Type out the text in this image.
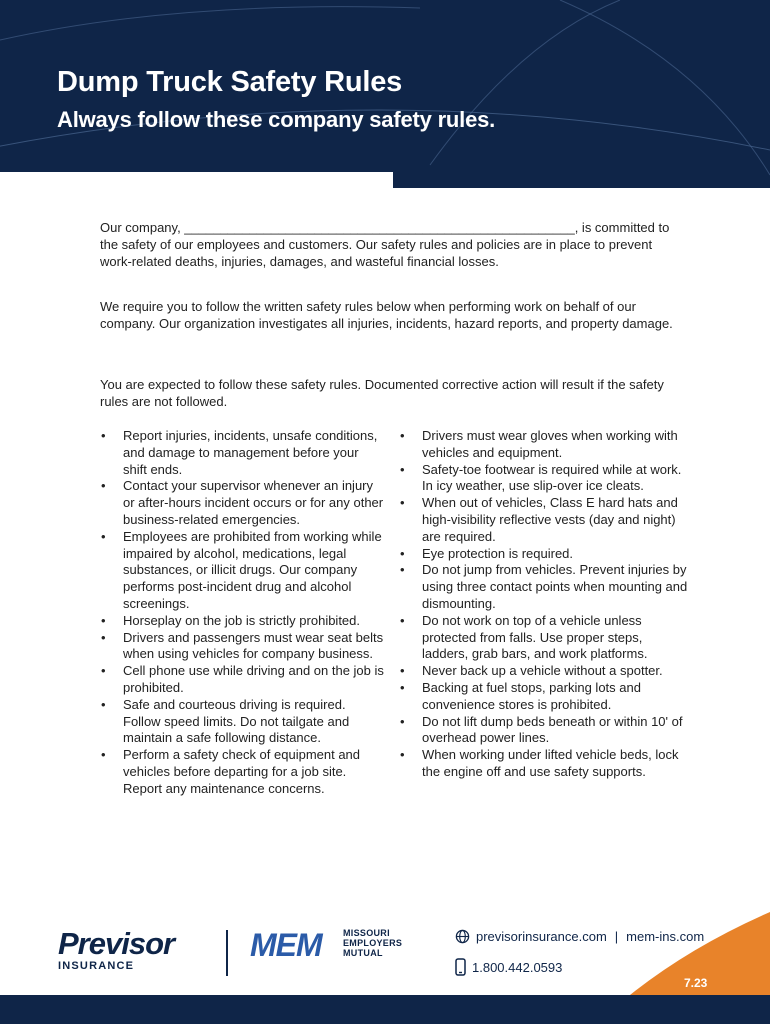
Dump Truck Safety Rules
Always follow these company safety rules.

Our company, ______________________________________________________, is committed to the safety of our employees and customers. Our safety rules and policies are in place to prevent work-related deaths, injuries, damages, and wasteful financial losses.

We require you to follow the written safety rules below when performing work on behalf of our company. Our organization investigates all injuries, incidents, hazard reports, and property damage.

You are expected to follow these safety rules. Documented corrective action will result if the safety rules are not followed.

• Report injuries, incidents, unsafe conditions, and damage to management before your shift ends.
• Contact your supervisor whenever an injury or after-hours incident occurs or for any other business-related emergencies.
• Employees are prohibited from working while impaired by alcohol, medications, legal substances, or illicit drugs. Our company performs post-incident drug and alcohol screenings.
• Horseplay on the job is strictly prohibited.
• Drivers and passengers must wear seat belts when using vehicles for company business.
• Cell phone use while driving and on the job is prohibited.
• Safe and courteous driving is required. Follow speed limits. Do not tailgate and maintain a safe following distance.
• Perform a safety check of equipment and vehicles before departing for a job site. Report any maintenance concerns.
• Drivers must wear gloves when working with vehicles and equipment.
• Safety-toe footwear is required while at work. In icy weather, use slip-over ice cleats.
• When out of vehicles, Class E hard hats and high-visibility reflective vests (day and night) are required.
• Eye protection is required.
• Do not jump from vehicles. Prevent injuries by using three contact points when mounting and dismounting.
• Do not work on top of a vehicle unless protected from falls. Use proper steps, ladders, grab bars, and work platforms.
• Never back up a vehicle without a spotter.
• Backing at fuel stops, parking lots and convenience stores is prohibited.
• Do not lift dump beds beneath or within 10' of overhead power lines.
• When working under lifted vehicle beds, lock the engine off and use safety supports.
Previsor
INSURANCE
MEM MISSOURI
EMPLOYERS
MUTUAL
previsorinsurance.com | mem-ins.com
1.800.442.0593
7.23
